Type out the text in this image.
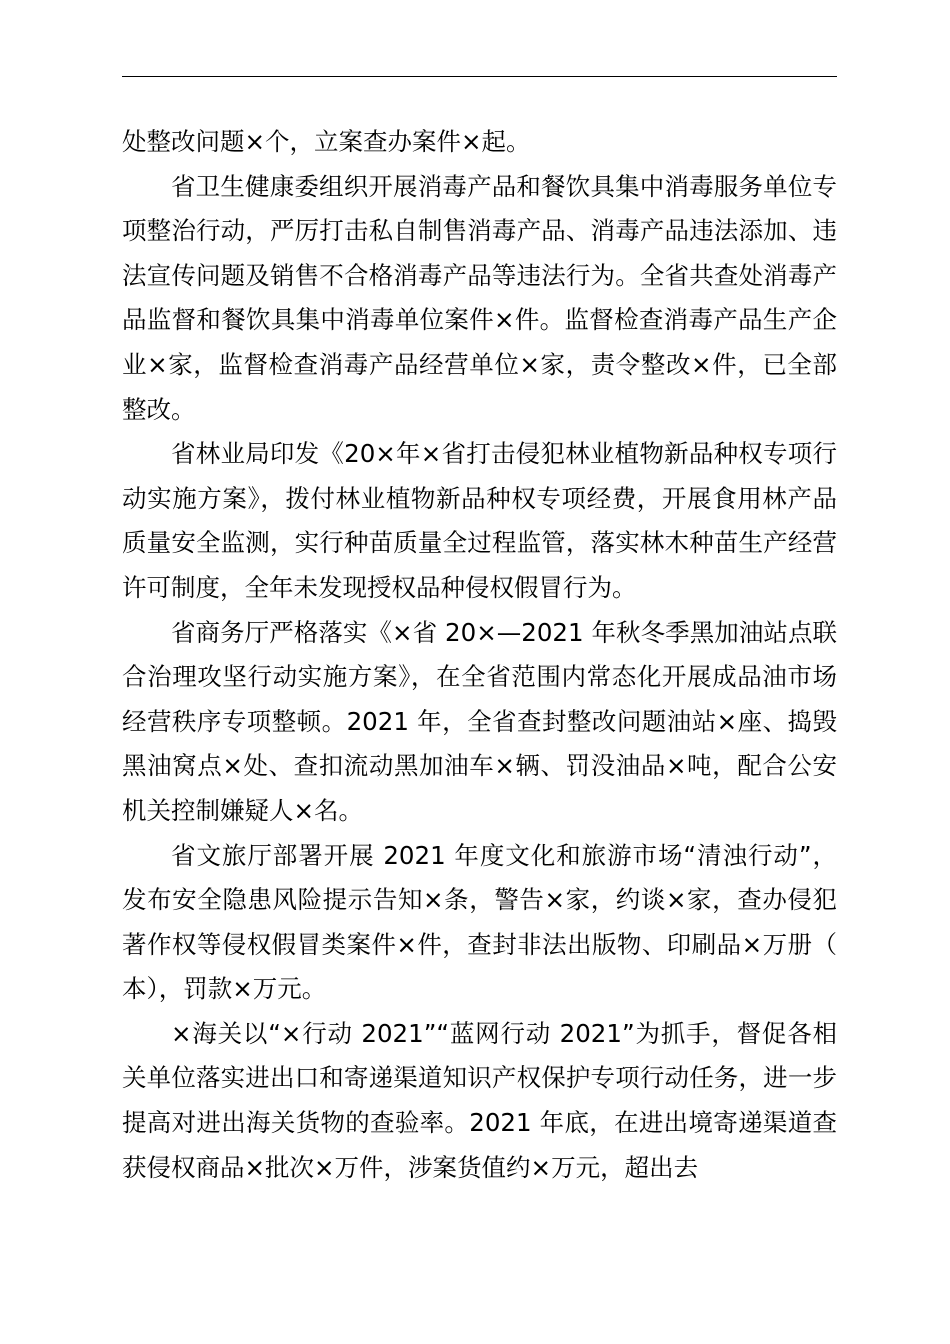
处整改问题×个，立案查办案件×起。

省卫生健康委组织开展消毒产品和餐饮具集中消毒服务单位专项整治行动，严厉打击私自制售消毒产品、消毒产品违法添加、违法宣传问题及销售不合格消毒产品等违法行为。全省共查处消毒产品监督和餐饮具集中消毒单位案件×件。监督检查消毒产品生产企业×家，监督检查消毒产品经营单位×家，责令整改×件，已全部整改。

省林业局印发《20×年×省打击侵犯林业植物新品种权专项行动实施方案》，拨付林业植物新品种权专项经费，开展食用林产品质量安全监测，实行种苗质量全过程监管，落实林木种苗生产经营许可制度，全年未发现授权品种侵权假冒行为。

省商务厅严格落实《×省 20×—2021 年秋冬季黑加油站点联合治理攻坚行动实施方案》，在全省范围内常态化开展成品油市场经营秩序专项整顿。2021 年，全省查封整改问题油站×座、捣毁黑油窝点×处、查扣流动黑加油车×辆、罚没油品×吨，配合公安机关控制嫌疑人×名。

省文旅厅部署开展 2021 年度文化和旅游市场“清浊行动”，发布安全隐患风险提示告知×条，警告×家，约谈×家，查办侵犯著作权等侵权假冒类案件×件，查封非法出版物、印刷品×万册（本），罚款×万元。

×海关以“×行动 2021”“蓝网行动 2021”为抓手，督促各相关单位落实进出口和寄递渠道知识产权保护专项行动任务，进一步提高对进出海关货物的查验率。2021 年底，在进出境寄递渠道查获侵权商品×批次×万件，涉案货值约×万元，超出去
